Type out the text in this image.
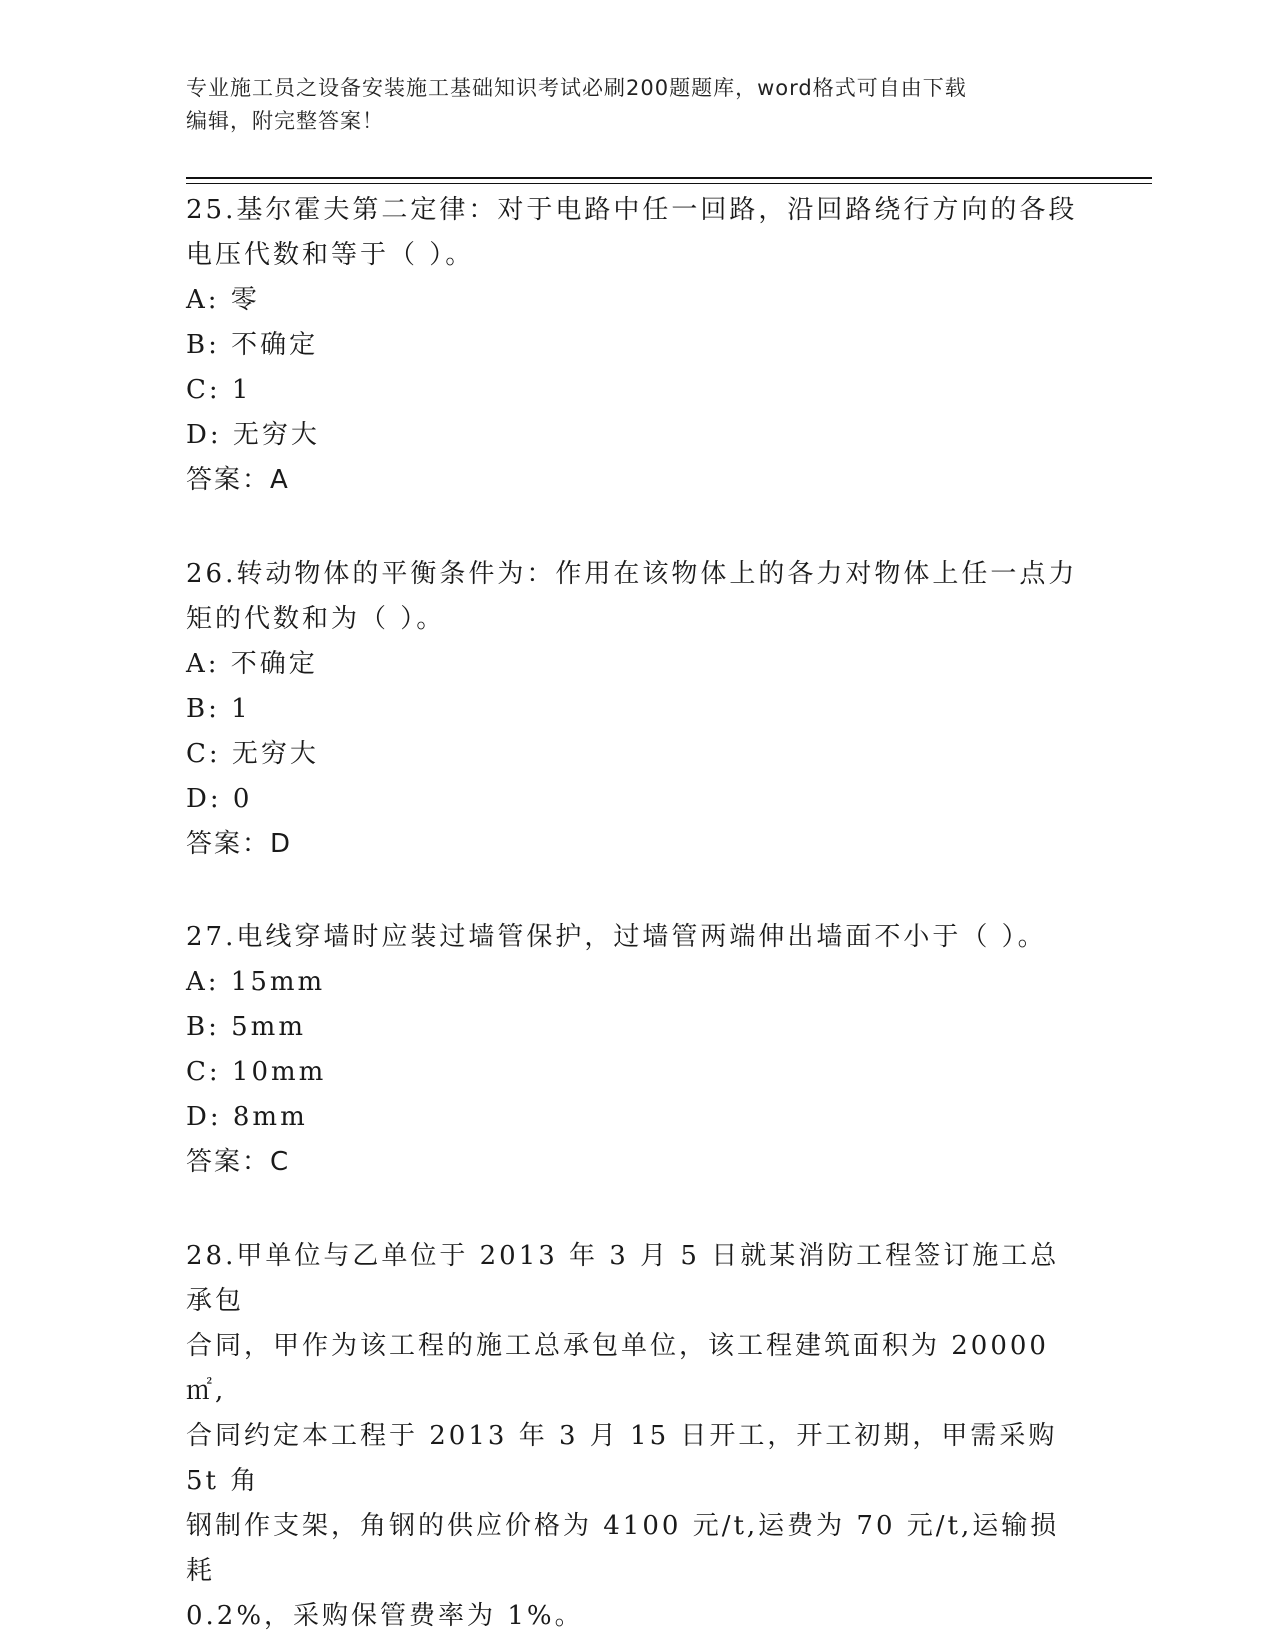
专业施工员之设备安装施工基础知识考试必刷200题题库，word格式可自由下载
编辑，附完整答案！

25.基尔霍夫第二定律：对于电路中任一回路，沿回路绕行方向的各段

电压代数和等于（ ）。

A: 零

B: 不确定

C: 1

D: 无穷大

答案：A

26.转动物体的平衡条件为：作用在该物体上的各力对物体上任一点力

矩的代数和为（ ）。

A: 不确定

B: 1

C: 无穷大

D: 0

答案：D

27.电线穿墙时应装过墙管保护，过墙管两端伸出墙面不小于（ ）。

A: 15mm

B: 5mm

C: 10mm

D: 8mm

答案：C

28.甲单位与乙单位于 2013 年 3 月 5 日就某消防工程签订施工总承包

合同，甲作为该工程的施工总承包单位，该工程建筑面积为 20000㎡,

合同约定本工程于 2013 年 3 月 15 日开工，开工初期，甲需采购 5t 角

钢制作支架，角钢的供应价格为 4100 元/t,运费为 70 元/t,运输损耗

0.2%，采购保管费率为 1%。
